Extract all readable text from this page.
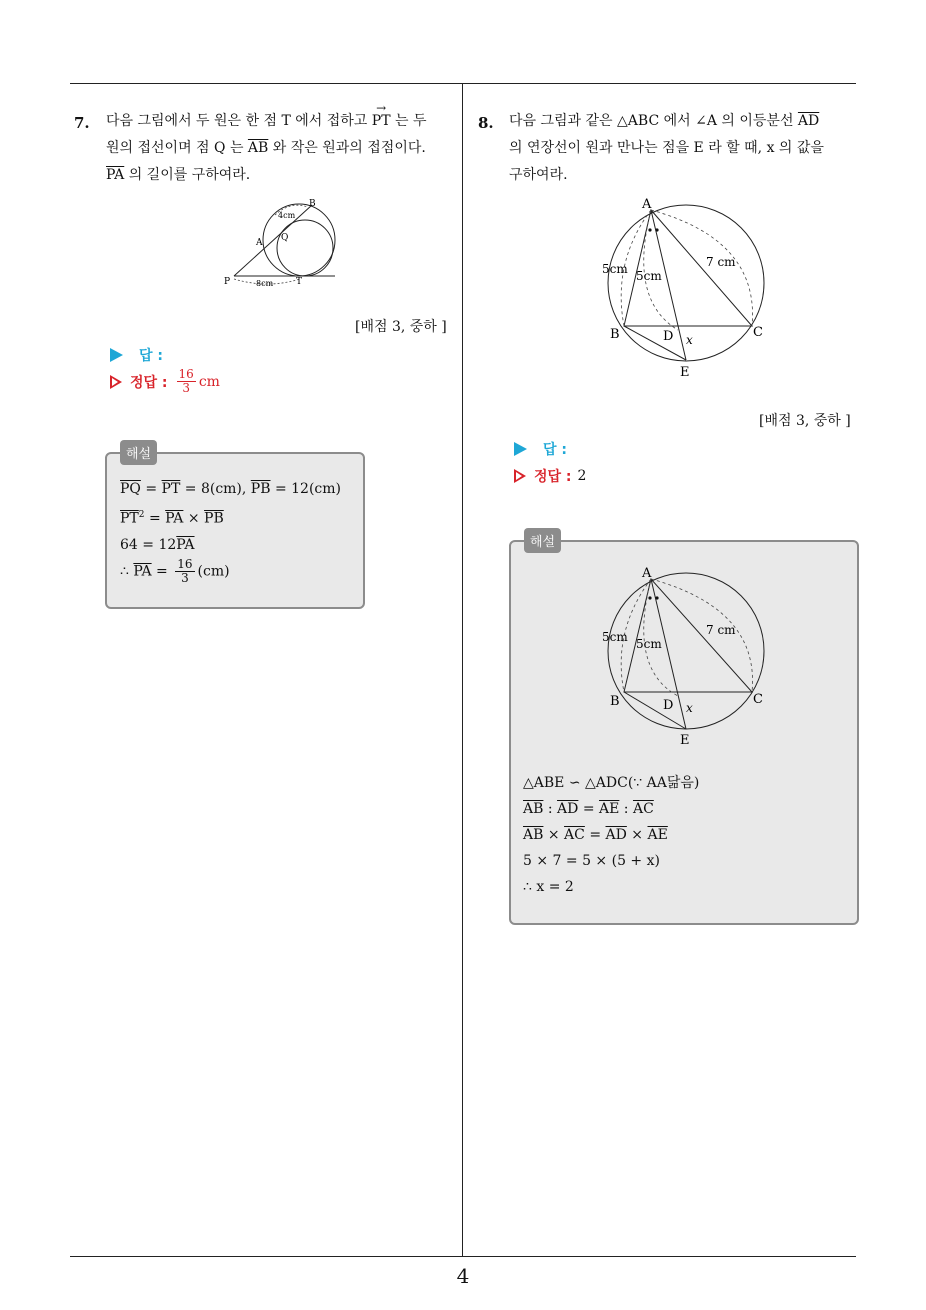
4
7. 다음 그림에서 두 원은 한 점 T 에서 접하고 → PT 는 두
원의 접선이며 점 Q 는 $\overline{AB}$ 와 작은 원과의 접점이다.
$\overline{PA}$ 의 길이를 구하여라.
P	T
A
B
Q
4cm
8cm
[배점 3, 중하 ]
답 :
정답 : $\frac{16}{3}$ cm
해설
$\overline{PQ} = \overline{PT} = 8(cm)$, $\overline{PB} = 12(cm)$
$\overline{PT}^2 = \overline{PA} \times \overline{PB}$
$64 = 12\overline{PA}$
∴ $\overline{PA} = \frac{16}{3} (cm)$
8. 다음 그림과 같은 △ABC 에서 ∠A 의 이등분선 $\overline{AD}$
의 연장선이 원과 만나는 점을 E 라 할 때, x 의 값을
구하여라.
A
B	C
D
E
x
5cm 5cm
7 cm
[배점 3, 중하 ]
답 :
정답 : 2
해설
A
B	C
D
E
x
5cm 5cm
7 cm
△ABE ∽ △ADC(∵ AA닮음)
$\overline{AB}$ : $\overline{AD} = \overline{AE}$ : $\overline{AC}$
$\overline{AB} \times \overline{AC} = \overline{AD} \times \overline{AE}$
5 × 7 = 5 × (5 + x)
∴ x = 2
